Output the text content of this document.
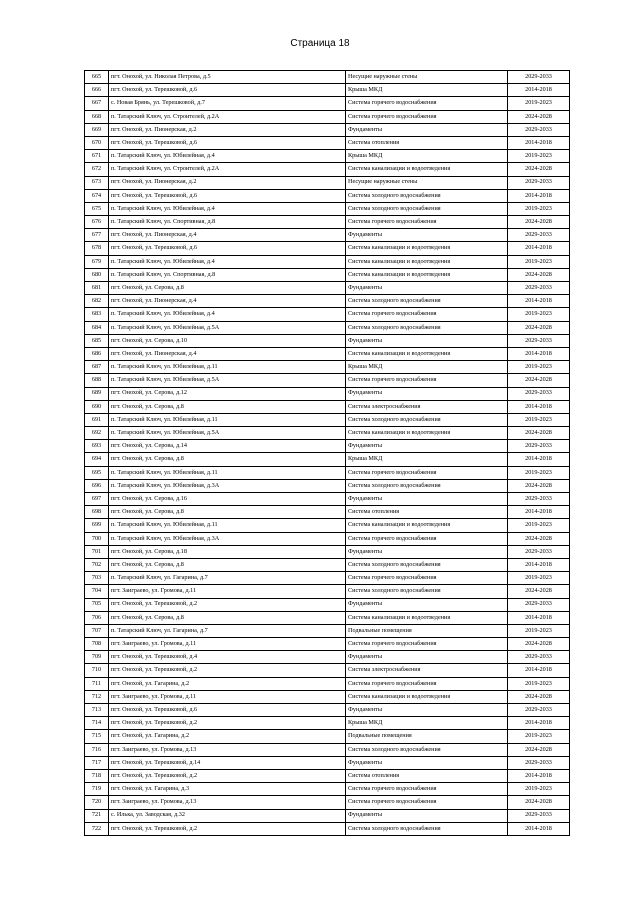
Страница 18
665	пгт. Онохой, ул. Николая Петрова, д.5	Несущие наружные стены	2029-2033
666	пгт. Онохой, ул. Терешковой, д.6	Крыша МКД	2014-2018
667	с. Новая Брянь, ул. Терешковой, д.7	Система горячего водоснабжения	2019-2023
668	п. Татарский Ключ, ул. Строителей, д.2А	Система горячего водоснабжения	2024-2028
669	пгт. Онохой, ул. Пионерская, д.2	Фундаменты	2029-2033
670	пгт. Онохой, ул. Терешковой, д.6	Система отопления	2014-2018
671	п. Татарский Ключ, ул. Юбилейная, д.4	Крыша МКД	2019-2023
672	п. Татарский Ключ, ул. Строителей, д.2А	Система канализации и водоотведения	2024-2028
673	пгт. Онохой, ул. Пионерская, д.2	Несущие наружные стены	2029-2033
674	пгт. Онохой, ул. Терешковой, д.6	Система холодного водоснабжения	2014-2018
675	п. Татарский Ключ, ул. Юбилейная, д.4	Система холодного водоснабжения	2019-2023
676	п. Татарский Ключ, ул. Спортивная, д.8	Система горячего водоснабжения	2024-2028
677	пгт. Онохой, ул. Пионерская, д.4	Фундаменты	2029-2033
678	пгт. Онохой, ул. Терешковой, д.6	Система канализации и водоотведения	2014-2018
679	п. Татарский Ключ, ул. Юбилейная, д.4	Система канализации и водоотведения	2019-2023
680	п. Татарский Ключ, ул. Спортивная, д.8	Система канализации и водоотведения	2024-2028
681	пгт. Онохой, ул. Серова, д.8	Фундаменты	2029-2033
682	пгт. Онохой, ул. Пионерская, д.4	Система холодного водоснабжения	2014-2018
683	п. Татарский Ключ, ул. Юбилейная, д.4	Система горячего водоснабжения	2019-2023
684	п. Татарский Ключ, ул. Юбилейная, д.5А	Система холодного водоснабжения	2024-2028
685	пгт. Онохой, ул. Серова, д.10	Фундаменты	2029-2033
686	пгт. Онохой, ул. Пионерская, д.4	Система канализации и водоотведения	2014-2018
687	п. Татарский Ключ, ул. Юбилейная, д.11	Крыша МКД	2019-2023
688	п. Татарский Ключ, ул. Юбилейная, д.5А	Система горячего водоснабжения	2024-2028
689	пгт. Онохой, ул. Серова, д.12	Фундаменты	2029-2033
690	пгт. Онохой, ул. Серова, д.8	Система электроснабжения	2014-2018
691	п. Татарский Ключ, ул. Юбилейная, д.11	Система холодного водоснабжения	2019-2023
692	п. Татарский Ключ, ул. Юбилейная, д.5А	Система канализации и водоотведения	2024-2028
693	пгт. Онохой, ул. Серова, д.14	Фундаменты	2029-2033
694	пгт. Онохой, ул. Серова, д.8	Крыша МКД	2014-2018
695	п. Татарский Ключ, ул. Юбилейная, д.11	Система горячего водоснабжения	2019-2023
696	п. Татарский Ключ, ул. Юбилейная, д.3А	Система холодного водоснабжения	2024-2028
697	пгт. Онохой, ул. Серова, д.16	Фундаменты	2029-2033
698	пгт. Онохой, ул. Серова, д.8	Система отопления	2014-2018
699	п. Татарский Ключ, ул. Юбилейная, д.11	Система канализации и водоотведения	2019-2023
700	п. Татарский Ключ, ул. Юбилейная, д.3А	Система горячего водоснабжения	2024-2028
701	пгт. Онохой, ул. Серова, д.18	Фундаменты	2029-2033
702	пгт. Онохой, ул. Серова, д.8	Система холодного водоснабжения	2014-2018
703	п. Татарский Ключ, ул. Гагарина, д.7	Система горячего водоснабжения	2019-2023
704	пгт. Заиграево, ул. Громова, д.11	Система холодного водоснабжения	2024-2028
705	пгт. Онохой, ул. Терешковой, д.2	Фундаменты	2029-2033
706	пгт. Онохой, ул. Серова, д.8	Система канализации и водоотведения	2014-2018
707	п. Татарский Ключ, ул. Гагарина, д.7	Подвальные помещения	2019-2023
708	пгт. Заиграево, ул. Громова, д.11	Система горячего водоснабжения	2024-2028
709	пгт. Онохой, ул. Терешковой, д.4	Фундаменты	2029-2033
710	пгт. Онохой, ул. Терешковой, д.2	Система электроснабжения	2014-2018
711	пгт. Онохой, ул. Гагарина, д.2	Система горячего водоснабжения	2019-2023
712	пгт. Заиграево, ул. Громова, д.11	Система канализации и водоотведения	2024-2028
713	пгт. Онохой, ул. Терешковой, д.6	Фундаменты	2029-2033
714	пгт. Онохой, ул. Терешковой, д.2	Крыша МКД	2014-2018
715	пгт. Онохой, ул. Гагарина, д.2	Подвальные помещения	2019-2023
716	пгт. Заиграево, ул. Громова, д.13	Система холодного водоснабжения	2024-2028
717	пгт. Онохой, ул. Терешковой, д.14	Фундаменты	2029-2033
718	пгт. Онохой, ул. Терешковой, д.2	Система отопления	2014-2018
719	пгт. Онохой, ул. Гагарина, д.3	Система горячего водоснабжения	2019-2023
720	пгт. Заиграево, ул. Громова, д.13	Система горячего водоснабжения	2024-2028
721	с. Илька, ул. Заводская, д.32	Фундаменты	2029-2033
722	пгт. Онохой, ул. Терешковой, д.2	Система холодного водоснабжения	2014-2018
